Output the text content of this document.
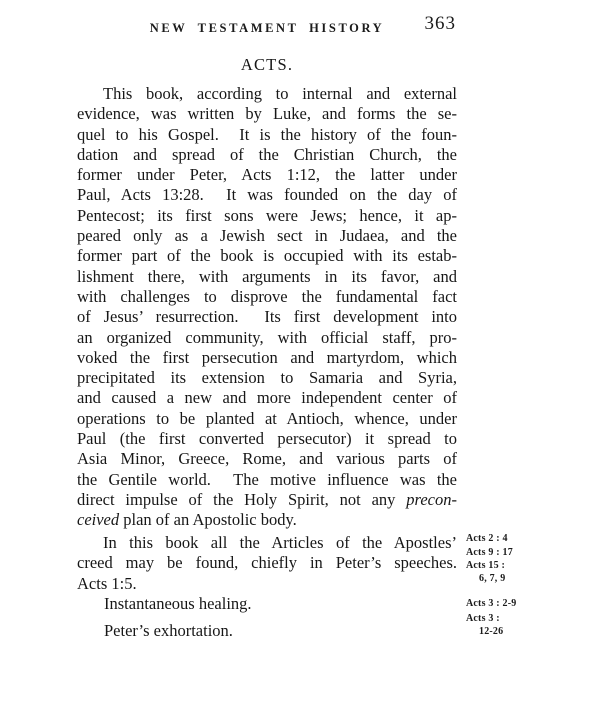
NEW TESTAMENT HISTORY	363
ACTS.
This book, according to internal and external
evidence, was written by Luke, and forms the se-
quel to his Gospel.  It is the history of the foun-
dation and spread of the Christian Church, the
former under Peter, Acts 1:12, the latter under
Paul, Acts 13:28.  It was founded on the day of
Pentecost; its first sons were Jews; hence, it ap-
peared only as a Jewish sect in Judaea, and the
former part of the book is occupied with its estab-
lishment there, with arguments in its favor, and
with challenges to disprove the fundamental fact
of Jesus’ resurrection.  Its first development into
an organized community, with official staff, pro-
voked the first persecution and martyrdom, which
precipitated its extension to Samaria and Syria,
and caused a new and more independent center of
operations to be planted at Antioch, whence, under
Paul (the first converted persecutor) it spread to
Asia Minor, Greece, Rome, and various parts of
the Gentile world.  The motive influence was the
direct impulse of the Holy Spirit, not any precon-
ceived plan of an Apostolic body.
In this book all the Articles of the Apostles’
creed may be found, chiefly in Peter’s speeches.
Acts 1:5.
Instantaneous healing.
Peter’s exhortation.
Acts 2 : 4
Acts 9 : 17
Acts 15 :
6, 7, 9
Acts 3 : 2-9
Acts 3 :
12-26
